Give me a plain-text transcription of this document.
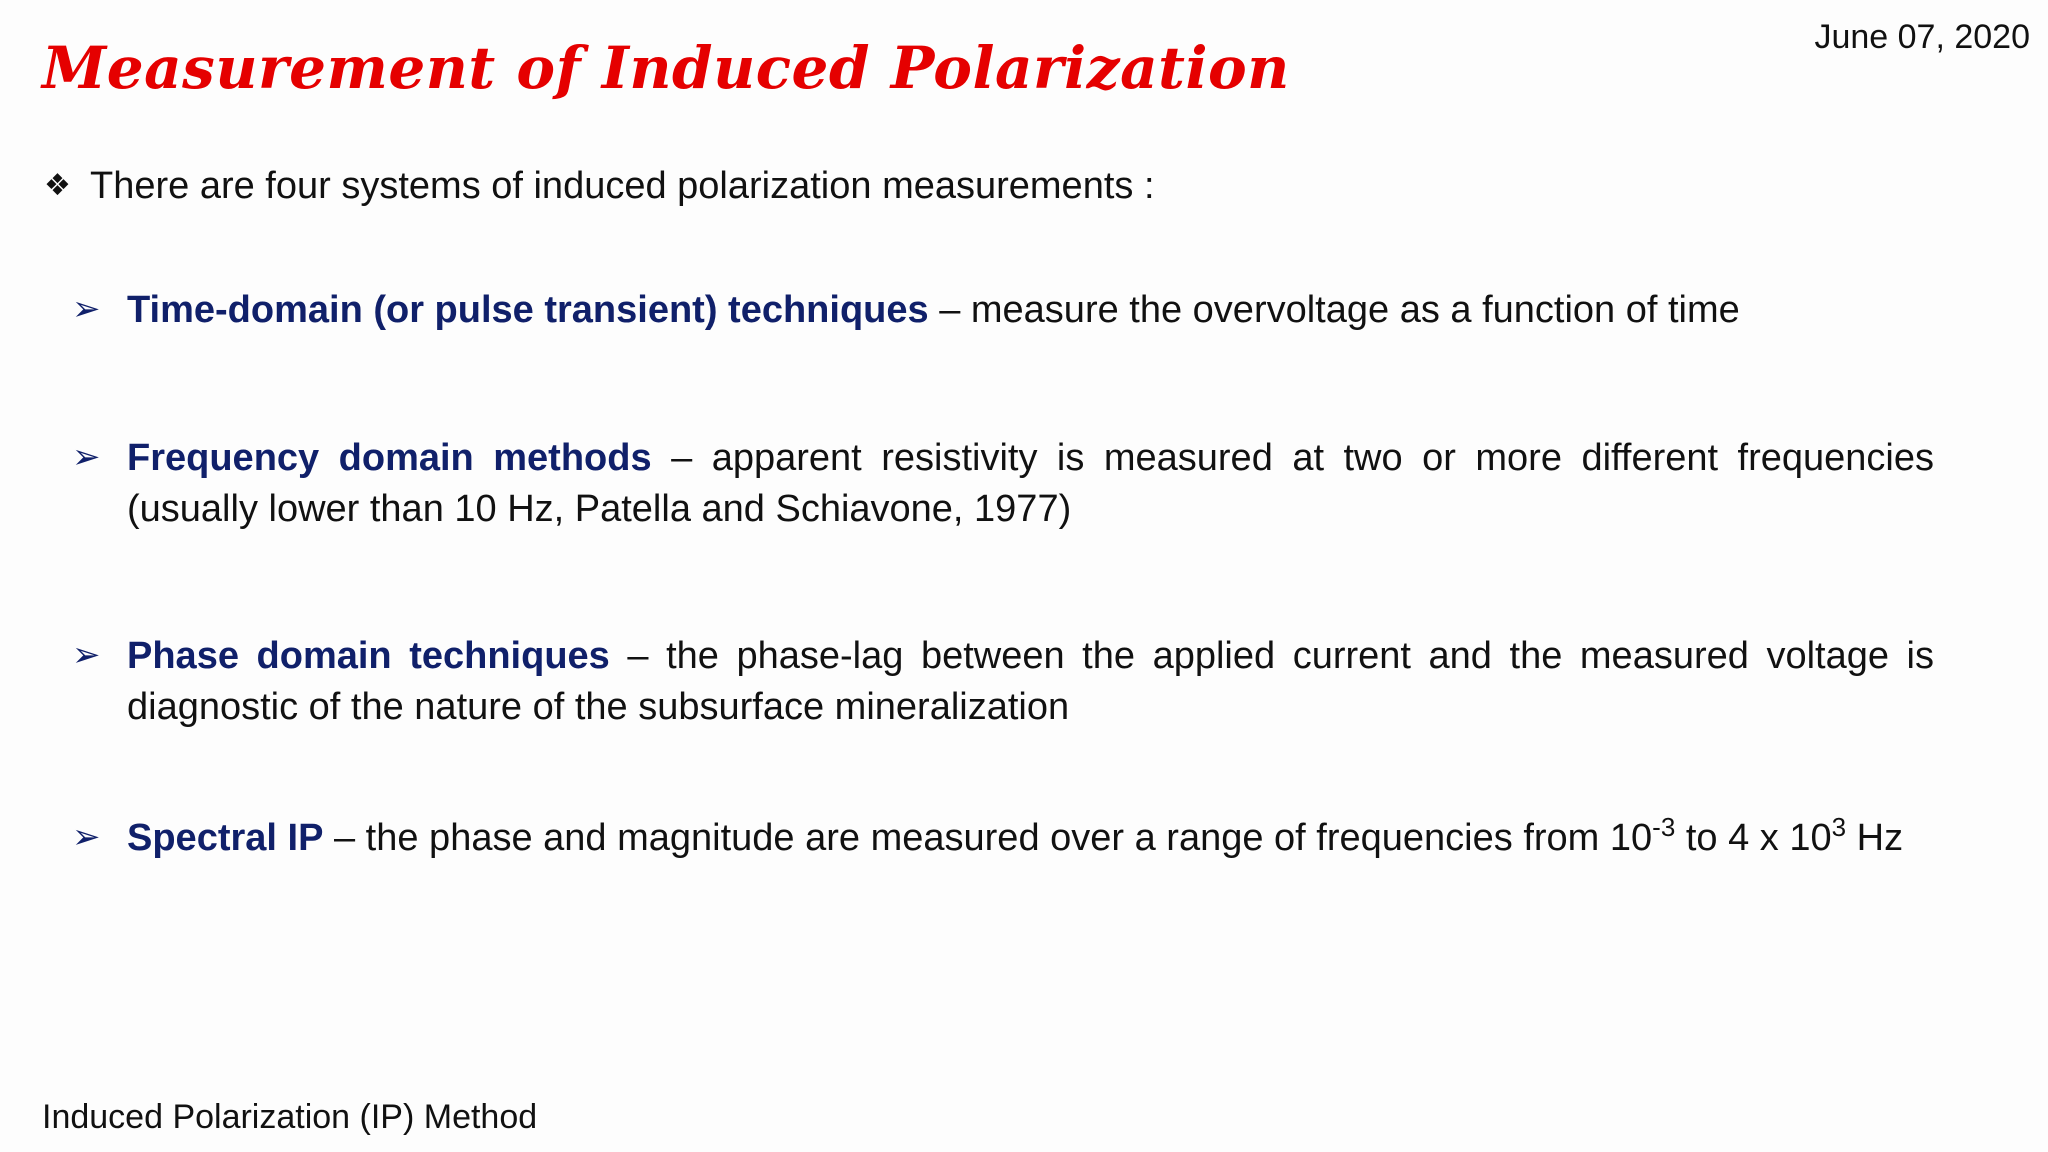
Measurement of Induced Polarization	June 07, 2020
❖ There are four systems of induced polarization measurements :
➢ Time-domain (or pulse transient) techniques – measure the overvoltage as a function of time
➢ Frequency domain methods – apparent resistivity is measured at two or more different frequencies (usually lower than 10 Hz, Patella and Schiavone, 1977)
➢ Phase domain techniques – the phase-lag between the applied current and the measured voltage is diagnostic of the nature of the subsurface mineralization
➢ Spectral IP – the phase and magnitude are measured over a range of frequencies from $10^{-3}$ to 4 x $10^3$ Hz
Induced Polarization (IP) Method
